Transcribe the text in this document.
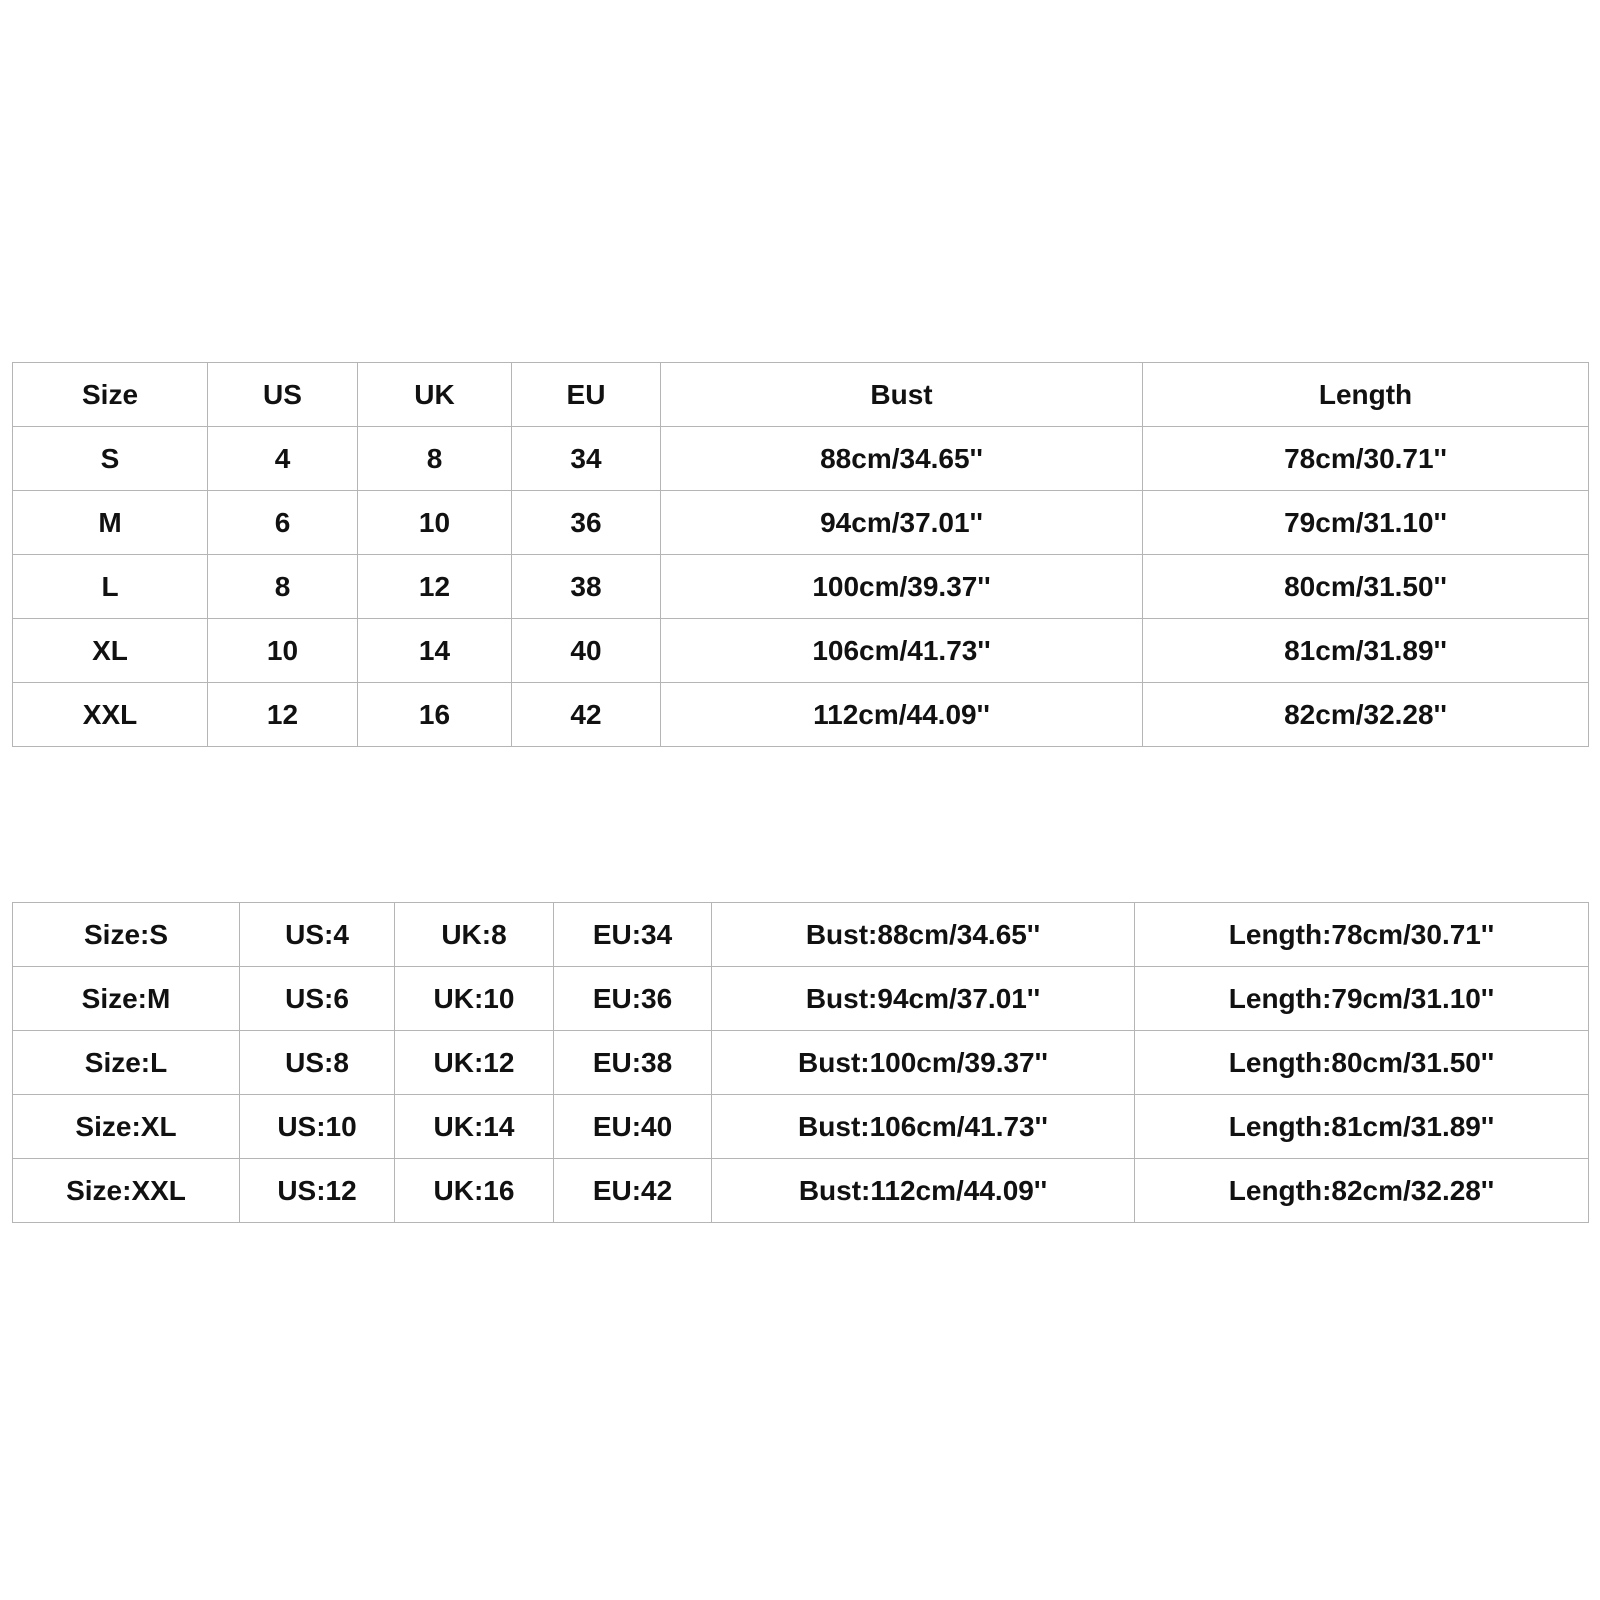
Size	US	UK	EU	Bust	Length
S	4	8	34	88cm/34.65''	78cm/30.71''
M	6	10	36	94cm/37.01''	79cm/31.10''
L	8	12	38	100cm/39.37''	80cm/31.50''
XL	10	14	40	106cm/41.73''	81cm/31.89''
XXL	12	16	42	112cm/44.09''	82cm/32.28''
Size:S	US:4	UK:8	EU:34	Bust:88cm/34.65''	Length:78cm/30.71''
Size:M	US:6	UK:10	EU:36	Bust:94cm/37.01''	Length:79cm/31.10''
Size:L	US:8	UK:12	EU:38	Bust:100cm/39.37''	Length:80cm/31.50''
Size:XL	US:10	UK:14	EU:40	Bust:106cm/41.73''	Length:81cm/31.89''
Size:XXL	US:12	UK:16	EU:42	Bust:112cm/44.09''	Length:82cm/32.28''
